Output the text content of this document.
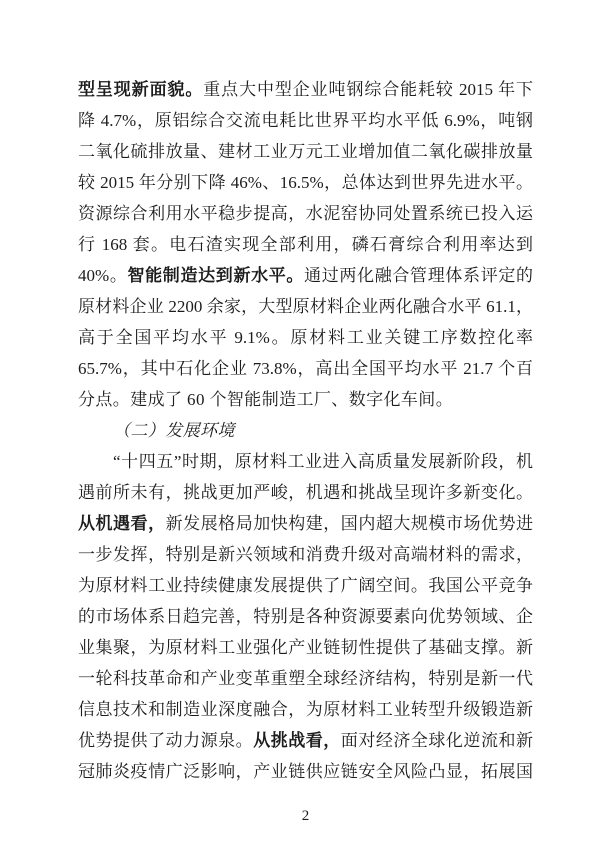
型呈现新面貌。重点大中型企业吨钢综合能耗较 2015 年下
降 4.7%，原铝综合交流电耗比世界平均水平低 6.9%，吨钢
二氧化硫排放量、建材工业万元工业增加值二氧化碳排放量
较 2015 年分别下降 46%、16.5%，总体达到世界先进水平。
资源综合利用水平稳步提高，水泥窑协同处置系统已投入运
行 168 套。电石渣实现全部利用，磷石膏综合利用率达到
40%。智能制造达到新水平。通过两化融合管理体系评定的
原材料企业 2200 余家，大型原材料企业两化融合水平 61.1，
高于全国平均水平 9.1%。原材料工业关键工序数控化率
65.7%，其中石化企业 73.8%，高出全国平均水平 21.7 个百
分点。建成了 60 个智能制造工厂、数字化车间。
（二）发展环境
“十四五”时期，原材料工业进入高质量发展新阶段，机
遇前所未有，挑战更加严峻，机遇和挑战呈现许多新变化。
从机遇看，新发展格局加快构建，国内超大规模市场优势进
一步发挥，特别是新兴领域和消费升级对高端材料的需求，
为原材料工业持续健康发展提供了广阔空间。我国公平竞争
的市场体系日趋完善，特别是各种资源要素向优势领域、企
业集聚，为原材料工业强化产业链韧性提供了基础支撑。新
一轮科技革命和产业变革重塑全球经济结构，特别是新一代
信息技术和制造业深度融合，为原材料工业转型升级锻造新
优势提供了动力源泉。从挑战看，面对经济全球化逆流和新
冠肺炎疫情广泛影响，产业链供应链安全风险凸显，拓展国
2
